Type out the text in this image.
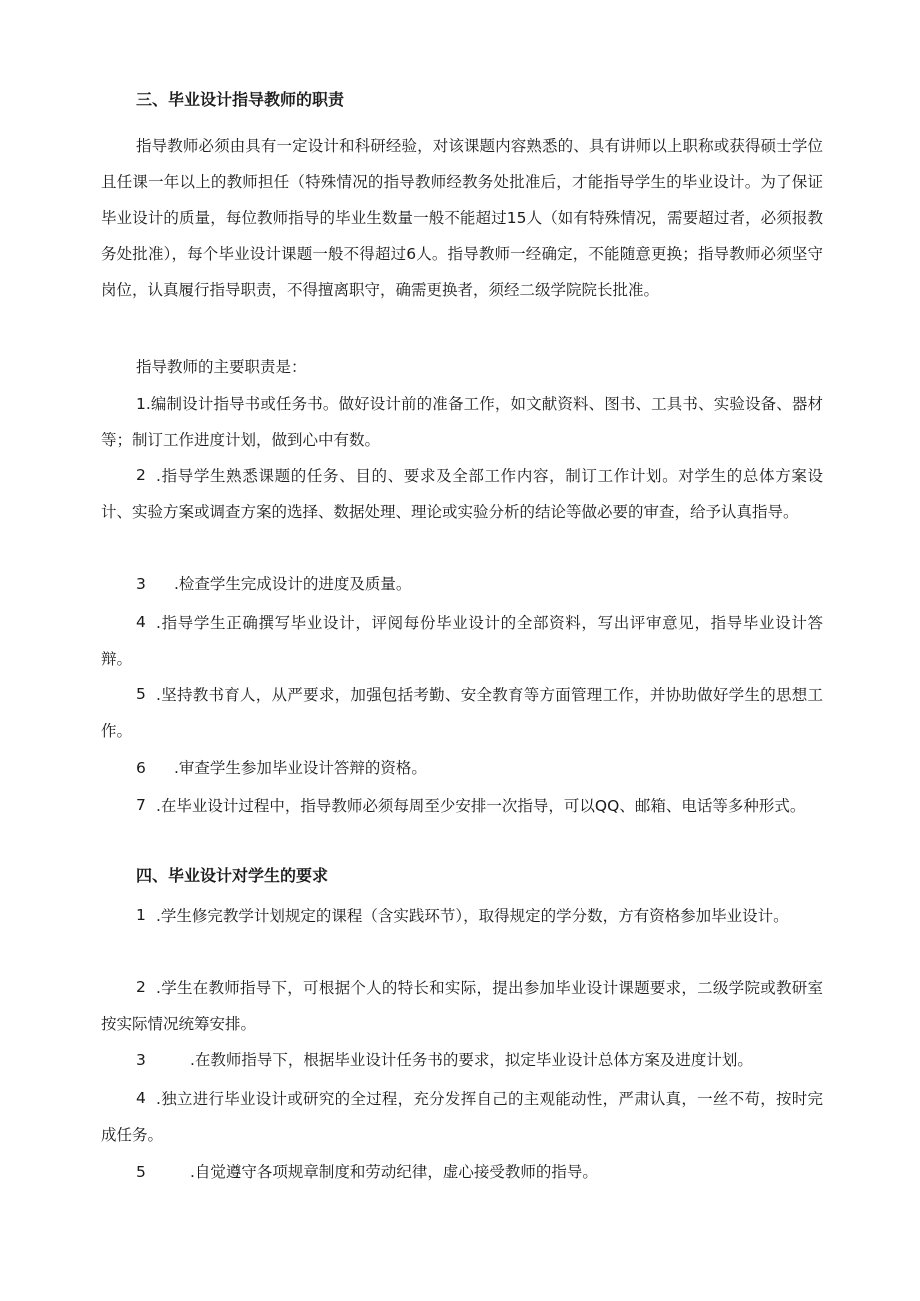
三、毕业设计指导教师的职责

指导教师必须由具有一定设计和科研经验，对该课题内容熟悉的、具有讲师以上职称或获得硕士学位且任课一年以上的教师担任（特殊情况的指导教师经教务处批准后，才能指导学生的毕业设计。为了保证毕业设计的质量，每位教师指导的毕业生数量一般不能超过15人（如有特殊情况，需要超过者，必须报教务处批准），每个毕业设计课题一般不得超过6人。指导教师一经确定，不能随意更换；指导教师必须坚守岗位，认真履行指导职责，不得擅离职守，确需更换者，须经二级学院院长批准。

指导教师的主要职责是：

1.编制设计指导书或任务书。做好设计前的准备工作，如文献资料、图书、工具书、实验设备、器材等；制订工作进度计划，做到心中有数。

2 .指导学生熟悉课题的任务、目的、要求及全部工作内容，制订工作计划。对学生的总体方案设计、实验方案或调查方案的选择、数据处理、理论或实验分析的结论等做必要的审查，给予认真指导。

3 .检查学生完成设计的进度及质量。
4 .指导学生正确撰写毕业设计，评阅每份毕业设计的全部资料，写出评审意见，指导毕业设计答辩。

5 .坚持教书育人，从严要求，加强包括考勤、安全教育等方面管理工作，并协助做好学生的思想工作。

6 .审查学生参加毕业设计答辩的资格。
7 .在毕业设计过程中，指导教师必须每周至少安排一次指导，可以QQ、邮箱、电话等多种形式。

四、毕业设计对学生的要求
1 .学生修完教学计划规定的课程（含实践环节），取得规定的学分数，方有资格参加毕业设计。

2 .学生在教师指导下，可根据个人的特长和实际，提出参加毕业设计课题要求，二级学院或教研室按实际情况统筹安排。

3	.在教师指导下，根据毕业设计任务书的要求，拟定毕业设计总体方案及进度计划。
4 .独立进行毕业设计或研究的全过程，充分发挥自己的主观能动性，严肃认真，一丝不苟，按时完成任务。

5	.自觉遵守各项规章制度和劳动纪律，虚心接受教师的指导。
